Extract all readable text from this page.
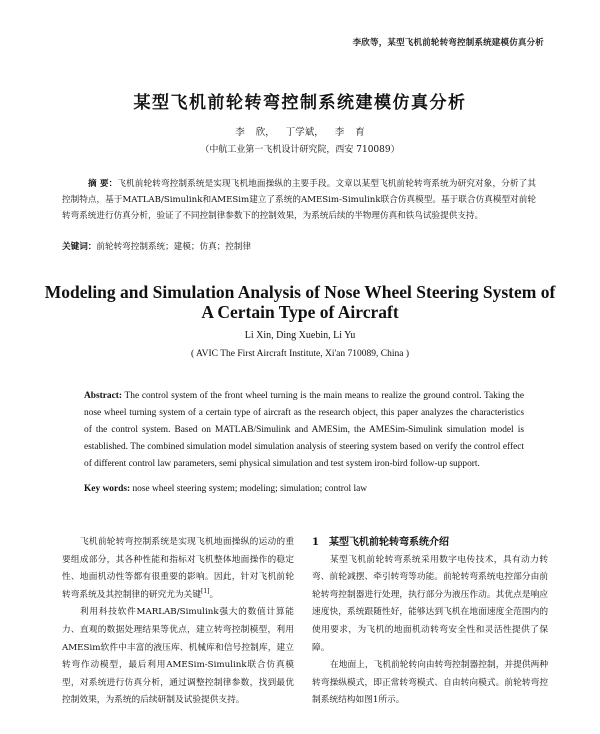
李欣等，某型飞机前轮转弯控制系统建模仿真分析
某型飞机前轮转弯控制系统建模仿真分析
李 欣， 丁学斌， 李 育
（中航工业第一飞机设计研究院，西安 710089）
摘 要：飞机前轮转弯控制系统是实现飞机地面操纵的主要手段。文章以某型飞机前轮转弯系统为研究对象，分析了其控制特点，基于MATLAB/Simulink和AMESim建立了系统的AMESim-Simulink联合仿真模型。基于联合仿真模型对前轮转弯系统进行仿真分析，验证了不同控制律参数下的控制效果，为系统后续的半物理仿真和铁鸟试验提供支持。
关键词：前轮转弯控制系统；建模；仿真；控制律
Modeling and Simulation Analysis of Nose Wheel Steering System of A Certain Type of Aircraft
Li Xin, Ding Xuebin, Li Yu
( AVIC The First Aircraft Institute, Xi'an 710089, China )
Abstract: The control system of the front wheel turning is the main means to realize the ground control. Taking the nose wheel turning system of a certain type of aircraft as the research object, this paper analyzes the characteristics of the control system. Based on MATLAB/Simulink and AMESim, the AMESim-Simulink simulation model is established. The combined simulation model simulation analysis of steering system based on verify the control effect of different control law parameters, semi physical simulation and test system iron-bird follow-up support.
Key words: nose wheel steering system; modeling; simulation; control law

飞机前轮转弯控制系统是实现飞机地面操纵的运动的重要组成部分，其各种性能和指标对飞机整体地面操作的稳定性、地面机动性等都有很重要的影响。因此，针对飞机前轮转弯系统及其控制律的研究尤为关键[1]。

利用科技软件MARLAB/Simulink强大的数值计算能力、直观的数据处理结果等优点，建立转弯控制模型，利用AMESim软件中丰富的液压库、机械库和信号控制库，建立转弯作动模型，最后利用AMESim-Simulink联合仿真模型，对系统进行仿真分析，通过调整控制律参数，找到最优控制效果，为系统的后续研制及试验提供支持。

1 某型飞机前轮转弯系统介绍

某型飞机前轮转弯系统采用数字电传技术，具有动力转弯、前轮减摆、牵引转弯等功能。前轮转弯系统电控部分由前轮转弯控制器进行处理，执行部分为液压作动。其优点是响应速度快，系统跟随性好，能够达到飞机在地面速度全范围内的使用要求，为飞机的地面机动转弯安全性和灵活性提供了保障。

在地面上，飞机前轮转向由转弯控制器控制，并提供两种转弯操纵模式，即正常转弯模式、自由转向模式。前轮转弯控制系统结构如图1所示。
